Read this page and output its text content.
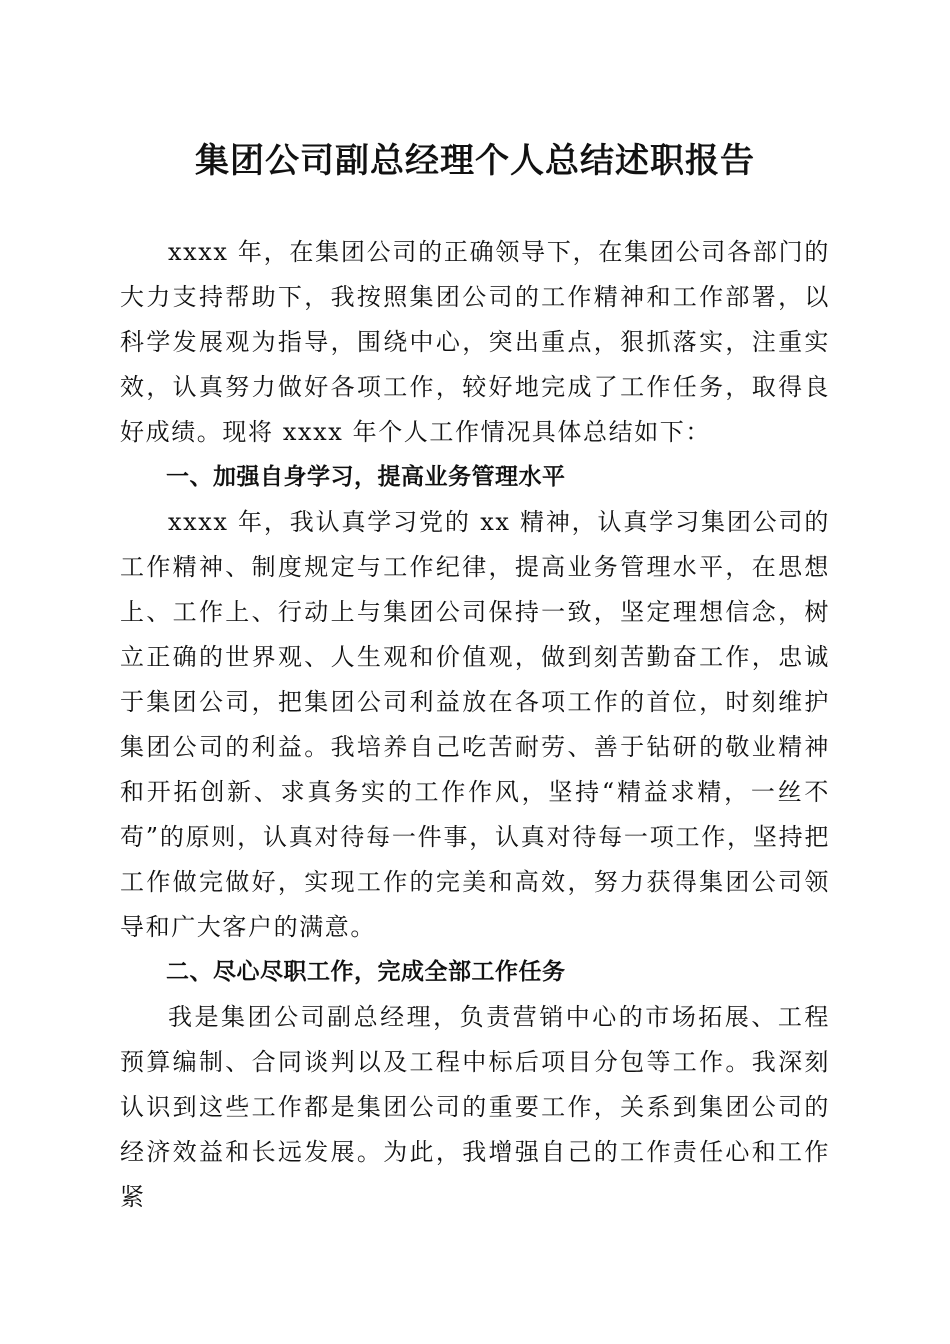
集团公司副总经理个人总结述职报告

xxxx 年，在集团公司的正确领导下，在集团公司各部门的大力支持帮助下，我按照集团公司的工作精神和工作部署，以科学发展观为指导，围绕中心，突出重点，狠抓落实，注重实效，认真努力做好各项工作，较好地完成了工作任务，取得良好成绩。现将 xxxx 年个人工作情况具体总结如下：

一、加强自身学习，提高业务管理水平

xxxx 年，我认真学习党的 xx 精神，认真学习集团公司的工作精神、制度规定与工作纪律，提高业务管理水平，在思想上、工作上、行动上与集团公司保持一致，坚定理想信念，树立正确的世界观、人生观和价值观，做到刻苦勤奋工作，忠诚于集团公司，把集团公司利益放在各项工作的首位，时刻维护集团公司的利益。我培养自己吃苦耐劳、善于钻研的敬业精神和开拓创新、求真务实的工作作风，坚持“精益求精，一丝不苟”的原则，认真对待每一件事，认真对待每一项工作，坚持把工作做完做好，实现工作的完美和高效，努力获得集团公司领导和广大客户的满意。

二、尽心尽职工作，完成全部工作任务

我是集团公司副总经理，负责营销中心的市场拓展、工程预算编制、合同谈判以及工程中标后项目分包等工作。我深刻认识到这些工作都是集团公司的重要工作，关系到集团公司的经济效益和长远发展。为此，我增强自己的工作责任心和工作紧
